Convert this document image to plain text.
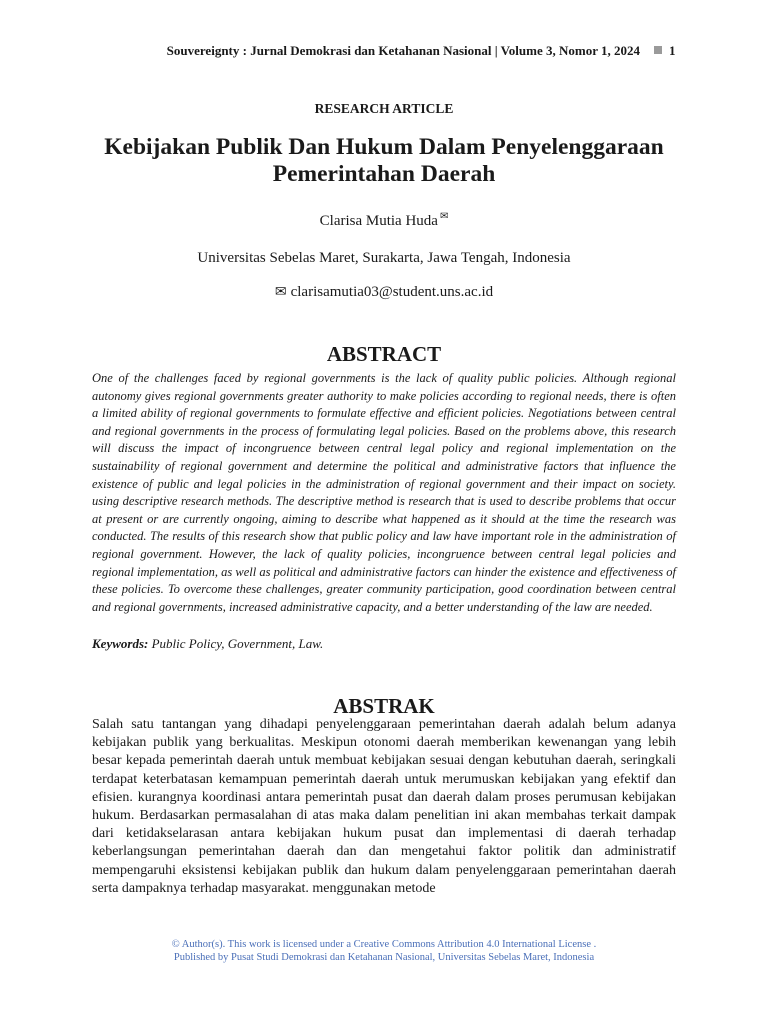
Souvereignty : Jurnal Demokrasi dan Ketahanan Nasional | Volume 3, Nomor 1, 2024	1
RESEARCH ARTICLE
Kebijakan Publik Dan Hukum Dalam Penyelenggaraan Pemerintahan Daerah
Clarisa Mutia Huda ✉
Universitas Sebelas Maret, Surakarta, Jawa Tengah, Indonesia
✉ clarisamutia03@student.uns.ac.id
ABSTRACT
One of the challenges faced by regional governments is the lack of quality public policies. Although regional autonomy gives regional governments greater authority to make policies according to regional needs, there is often a limited ability of regional governments to formulate effective and efficient policies. Negotiations between central and regional governments in the process of formulating legal policies. Based on the problems above, this research will discuss the impact of incongruence between central legal policy and regional implementation on the sustainability of regional government and determine the political and administrative factors that influence the existence of public and legal policies in the administration of regional government and their impact on society. using descriptive research methods. The descriptive method is research that is used to describe problems that occur at present or are currently ongoing, aiming to describe what happened as it should at the time the research was conducted. The results of this research show that public policy and law have important role in the administration of regional government. However, the lack of quality policies, incongruence between central legal policies and regional implementation, as well as political and administrative factors can hinder the existence and effectiveness of these policies. To overcome these challenges, greater community participation, good coordination between central and regional governments, increased administrative capacity, and a better understanding of the law are needed.
Keywords: Public Policy, Government, Law.
ABSTRAK
Salah satu tantangan yang dihadapi penyelenggaraan pemerintahan daerah adalah belum adanya kebijakan publik yang berkualitas. Meskipun otonomi daerah memberikan kewenangan yang lebih besar kepada pemerintah daerah untuk membuat kebijakan sesuai dengan kebutuhan daerah, seringkali terdapat keterbatasan kemampuan pemerintah daerah untuk merumuskan kebijakan yang efektif dan efisien. kurangnya koordinasi antara pemerintah pusat dan daerah dalam proses perumusan kebijakan hukum. Berdasarkan permasalahan di atas maka dalam penelitian ini akan membahas terkait dampak dari ketidakselarasan antara kebijakan hukum pusat dan implementasi di daerah terhadap keberlangsungan pemerintahan daerah dan dan mengetahui faktor politik dan administratif mempengaruhi eksistensi kebijakan publik dan hukum dalam penyelenggaraan pemerintahan daerah serta dampaknya terhadap masyarakat. menggunakan metode
© Author(s). This work is licensed under a Creative Commons Attribution 4.0 International License .
Published by Pusat Studi Demokrasi dan Ketahanan Nasional, Universitas Sebelas Maret, Indonesia
